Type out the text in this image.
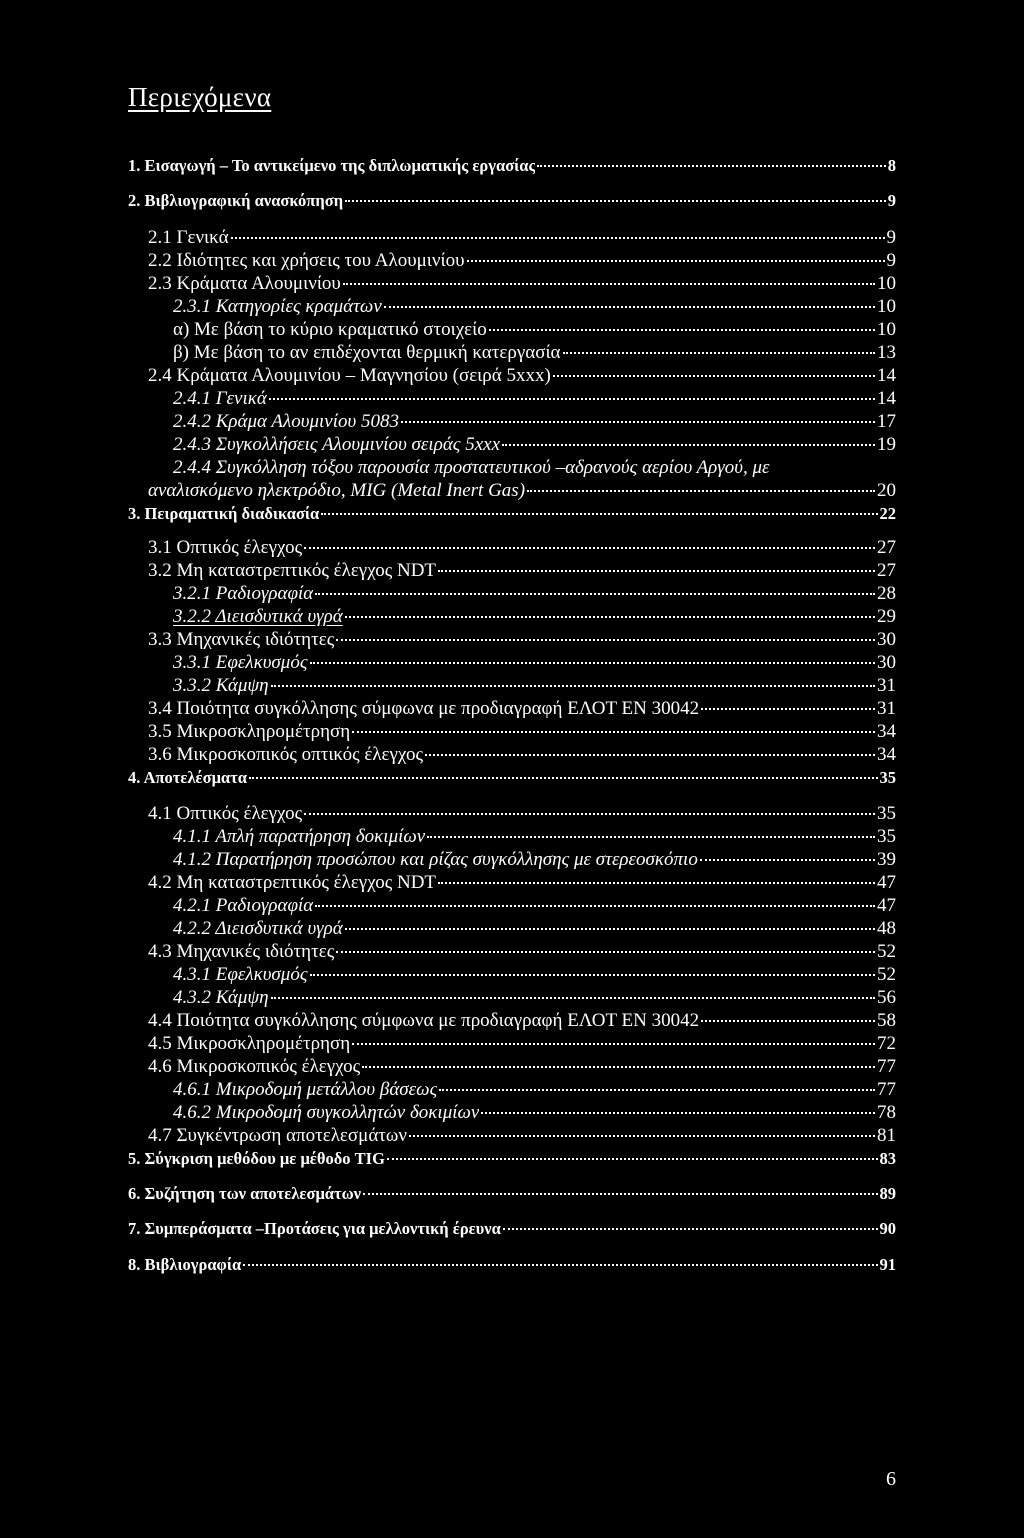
Περιεχόμενα
1. Εισαγωγή – Το αντικείμενο της διπλωματικής εργασίας	8
2. Βιβλιογραφική ανασκόπηση	9
2.1 Γενικά	9
2.2 Ιδιότητες και χρήσεις του Αλουμινίου	9
2.3 Κράματα Αλουμινίου	10
2.3.1 Κατηγορίες κραμάτων	10
α) Με βάση το κύριο κραματικό στοιχείο	10
β) Με βάση το αν επιδέχονται θερμική κατεργασία	13
2.4 Κράματα Αλουμινίου – Μαγνησίου (σειρά 5xxx)	14
2.4.1 Γενικά	14
2.4.2 Κράμα Αλουμινίου 5083	17
2.4.3 Συγκολλήσεις Αλουμινίου σειράς 5xxx	19
2.4.4 Συγκόλληση τόξου παρουσία προστατευτικού –αδρανούς αερίου Αργού, με
αναλισκόμενο ηλεκτρόδιο, MIG (Metal Inert Gas)	20
3. Πειραματική διαδικασία	22
3.1 Οπτικός έλεγχος	27
3.2 Μη καταστρεπτικός έλεγχος NDT	27
3.2.1 Ραδιογραφία	28
3.2.2 Διεισδυτικά υγρά	29
3.3 Μηχανικές ιδιότητες	30
3.3.1 Εφελκυσμός	30
3.3.2 Κάμψη	31
3.4 Ποιότητα συγκόλλησης σύμφωνα με προδιαγραφή ΕΛΟΤ EN 30042	31
3.5 Μικροσκληρομέτρηση	34
3.6 Μικροσκοπικός οπτικός έλεγχος	34
4. Αποτελέσματα	35
4.1 Οπτικός έλεγχος	35
4.1.1 Απλή παρατήρηση δοκιμίων	35
4.1.2 Παρατήρηση προσώπου και ρίζας συγκόλλησης με στερεοσκόπιο	39
4.2 Μη καταστρεπτικός έλεγχος NDT	47
4.2.1 Ραδιογραφία	47
4.2.2 Διεισδυτικά υγρά	48
4.3 Μηχανικές ιδιότητες	52
4.3.1 Εφελκυσμός	52
4.3.2 Κάμψη	56
4.4 Ποιότητα συγκόλλησης σύμφωνα με προδιαγραφή ΕΛΟΤ EN 30042	58
4.5 Μικροσκληρομέτρηση	72
4.6 Μικροσκοπικός έλεγχος	77
4.6.1 Μικροδομή μετάλλου βάσεως	77
4.6.2 Μικροδομή συγκολλητών δοκιμίων	78
4.7 Συγκέντρωση αποτελεσμάτων	81
5. Σύγκριση μεθόδου με μέθοδο TIG	83
6. Συζήτηση των αποτελεσμάτων	89
7. Συμπεράσματα –Προτάσεις για μελλοντική έρευνα	90
8. Βιβλιογραφία	91
6
